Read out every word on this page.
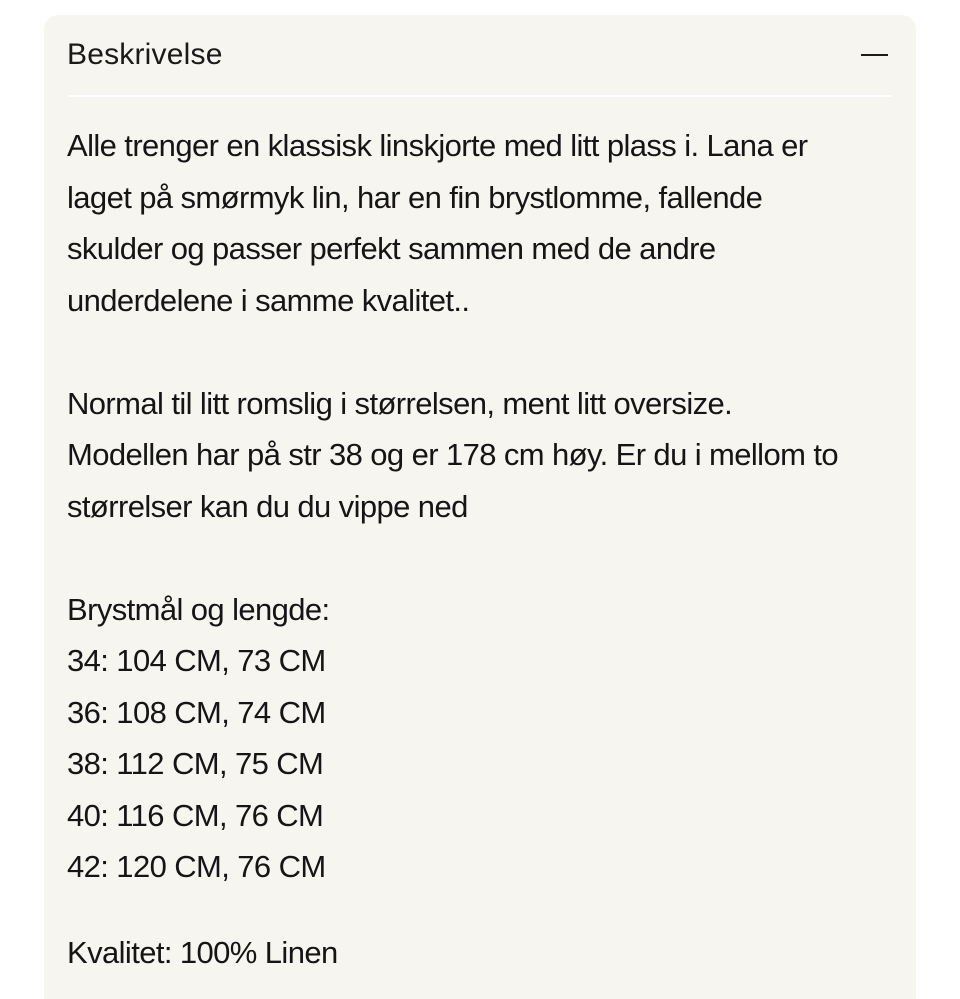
Beskrivelse

Alle trenger en klassisk linskjorte med litt plass i. Lana er
laget på smørmyk lin, har en fin brystlomme, fallende
skulder og passer perfekt sammen med de andre
underdelene i samme kvalitet..

Normal til litt romslig i størrelsen, ment litt oversize.
Modellen har på str 38 og er 178 cm høy. Er du i mellom to
størrelser kan du du vippe ned

Brystmål og lengde:
34: 104 CM, 73 CM
36: 108 CM, 74 CM
38: 112 CM, 75 CM
40: 116 CM, 76 CM
42: 120 CM, 76 CM

Kvalitet: 100% Linen
